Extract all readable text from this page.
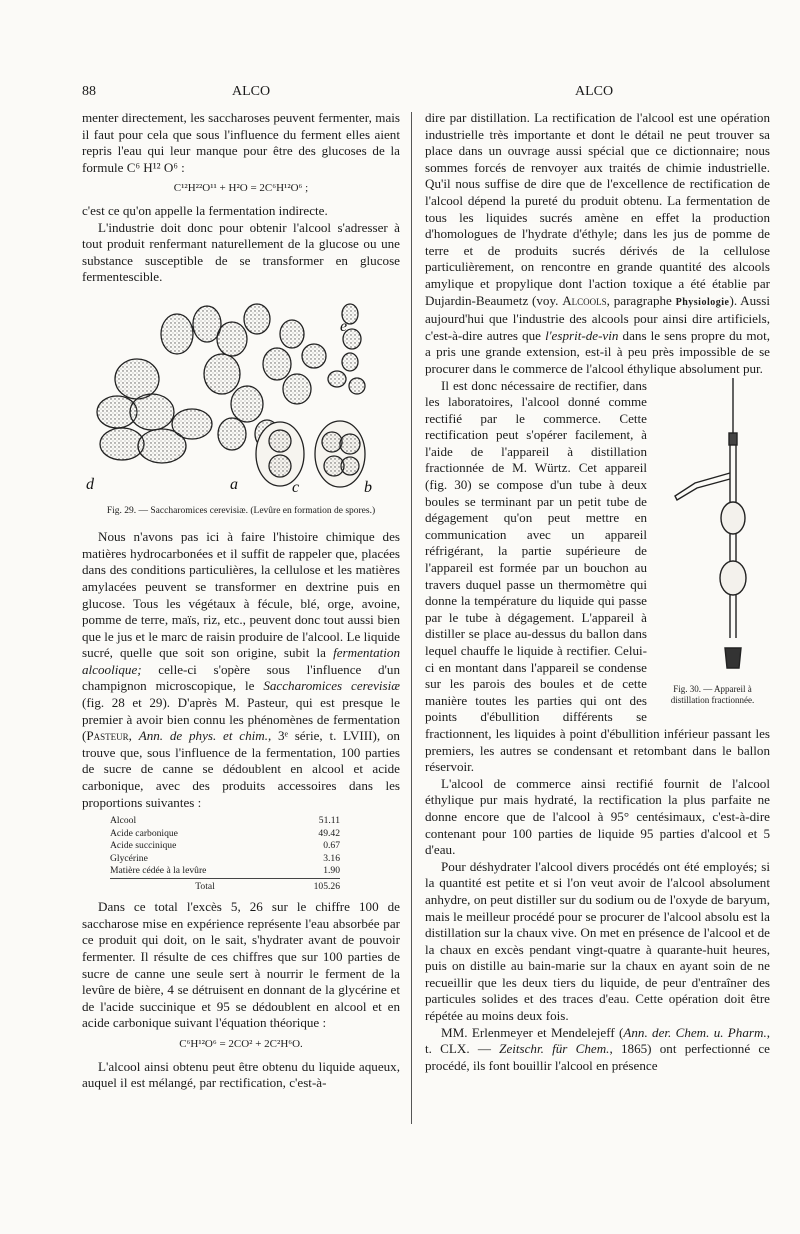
88	ALCO	ALCO

menter directement, les saccharoses peuvent fermenter, mais il faut pour cela que sous l'influence du ferment elles aient repris l'eau qui leur manque pour être des glucoses de la formule C⁶ H¹² O⁶ :

C¹²H²²O¹¹ + H²O = 2C⁶H¹²O⁶ ;

c'est ce qu'on appelle la fermentation indirecte.

L'industrie doit donc pour obtenir l'alcool s'adresser à tout produit renfermant naturellement de la glucose ou une substance susceptible de se transformer en glucose fermentescible.

d	a	c	b
e
Fig. 29. — Saccharomices cerevisiæ. (Levûre en formation de spores.)

Nous n'avons pas ici à faire l'histoire chimique des matières hydrocarbonées et il suffit de rappeler que, placées dans des conditions particulières, la cellulose et les matières amylacées peuvent se transformer en dextrine puis en glucose. Tous les végétaux à fécule, blé, orge, avoine, pomme de terre, maïs, riz, etc., peuvent donc tout aussi bien que le jus et le marc de raisin produire de l'alcool. Le liquide sucré, quelle que soit son origine, subit la fermentation alcoolique; celle-ci s'opère sous l'influence d'un champignon microscopique, le Saccharomices cerevisiæ (fig. 28 et 29). D'après M. Pasteur, qui est presque le premier à avoir bien connu les phénomènes de fermentation (Pasteur, Ann. de phys. et chim., 3ᵉ série, t. LVIII), on trouve que, sous l'influence de la fermentation, 100 parties de sucre de canne se dédoublent en alcool et acide carbonique, avec des produits accessoires dans les proportions suivantes :

Alcool	51.11
Acide carbonique	49.42
Acide succinique	0.67
Glycérine	3.16
Matière cédée à la levûre	1.90
Total	105.26

Dans ce total l'excès 5, 26 sur le chiffre 100 de saccharose mise en expérience représente l'eau absorbée par ce produit qui doit, on le sait, s'hydrater avant de pouvoir fermenter. Il résulte de ces chiffres que sur 100 parties de sucre de canne une seule sert à nourrir le ferment de la levûre de bière, 4 se détruisent en donnant de la glycérine et de l'acide succinique et 95 se dédoublent en alcool et en acide carbonique suivant l'équation théorique :

C⁶H¹²O⁶ = 2CO² + 2C²H⁶O.

L'alcool ainsi obtenu peut être obtenu du liquide aqueux, auquel il est mélangé, par rectification, c'est-à-

dire par distillation. La rectification de l'alcool est une opération industrielle très importante et dont le détail ne peut trouver sa place dans un ouvrage aussi spécial que ce dictionnaire; nous sommes forcés de renvoyer aux traités de chimie industrielle. Qu'il nous suffise de dire que de l'excellence de rectification de l'alcool dépend la pureté du produit obtenu. La fermentation de tous les liquides sucrés amène en effet la production d'homologues de l'hydrate d'éthyle; dans les jus de pomme de terre et de produits sucrés dérivés de la cellulose particulièrement, on rencontre en grande quantité des alcools amylique et propylique dont l'action toxique a été établie par Dujardin-Beaumetz (voy. Alcools, paragraphe Physiologie). Aussi aujourd'hui que l'industrie des alcools pour ainsi dire artificiels, c'est-à-dire autres que l'esprit-de-vin dans le sens propre du mot, a pris une grande extension, est-il à peu près impossible de se procurer dans le commerce de l'alcool éthylique absolument pur.

Fig. 30. — Appareil à distillation fractionnée.

Il est donc nécessaire de rectifier, dans les laboratoires, l'alcool donné comme rectifié par le commerce. Cette rectification peut s'opérer facilement, à l'aide de l'appareil à distillation fractionnée de M. Würtz. Cet appareil (fig. 30) se compose d'un tube à deux boules se terminant par un petit tube de dégagement qu'on peut mettre en communication avec un appareil réfrigérant, la partie supérieure de l'appareil est formée par un bouchon au travers duquel passe un thermomètre qui donne la température du liquide qui passe par le tube à dégagement. L'appareil à distiller se place au-dessus du ballon dans lequel chauffe le liquide à rectifier. Celui-ci en montant dans l'appareil se condense sur les parois des boules et de cette manière toutes les parties qui ont des points d'ébullition différents se fractionnent, les liquides à point d'ébullition inférieur passant les premiers, les autres se condensant et retombant dans le ballon réservoir.

L'alcool de commerce ainsi rectifié fournit de l'alcool éthylique pur mais hydraté, la rectification la plus parfaite ne donne encore que de l'alcool à 95° centésimaux, c'est-à-dire contenant pour 100 parties de liquide 95 parties d'alcool et 5 d'eau.

Pour déshydrater l'alcool divers procédés ont été employés; si la quantité est petite et si l'on veut avoir de l'alcool absolument anhydre, on peut distiller sur du sodium ou de l'oxyde de baryum, mais le meilleur procédé pour se procurer de l'alcool absolu est la distillation sur la chaux vive. On met en présence de l'alcool et de la chaux en excès pendant vingt-quatre à quarante-huit heures, puis on distille au bain-marie sur la chaux en ayant soin de ne recueillir que les deux tiers du liquide, de peur d'entraîner des particules solides et des traces d'eau. Cette opération doit être répétée au moins deux fois.

MM. Erlenmeyer et Mendelejeff (Ann. der. Chem. u. Pharm., t. CLX. — Zeitschr. für Chem., 1865) ont perfectionné ce procédé, ils font bouillir l'alcool en présence
